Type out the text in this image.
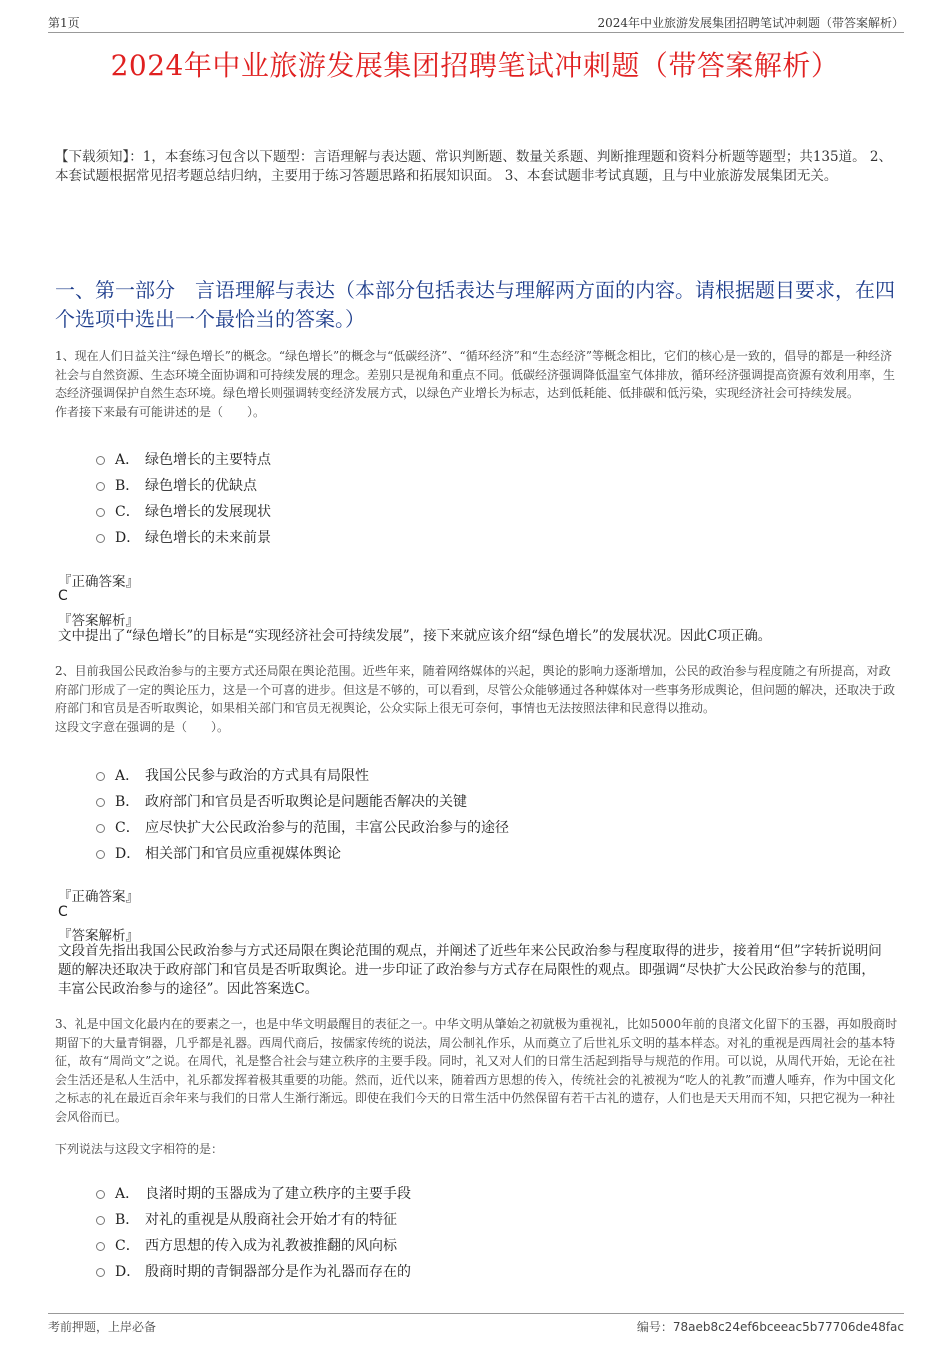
第1页	2024年中业旅游发展集团招聘笔试冲刺题（带答案解析）
2024年中业旅游发展集团招聘笔试冲刺题（带答案解析）
【下载须知】：1，本套练习包含以下题型：言语理解与表达题、常识判断题、数量关系题、判断推理题和资料分析题等题型；共135道。 2、本套试题根据常见招考题总结归纳，主要用于练习答题思路和拓展知识面。 3、本套试题非考试真题，且与中业旅游发展集团无关。
一、第一部分　言语理解与表达（本部分包括表达与理解两方面的内容。请根据题目要求，在四个选项中选出一个最恰当的答案。）

1、现在人们日益关注“绿色增长”的概念。“绿色增长”的概念与“低碳经济”、“循环经济”和“生态经济”等概念相比，它们的核心是一致的，倡导的都是一种经济社会与自然资源、生态环境全面协调和可持续发展的理念。差别只是视角和重点不同。低碳经济强调降低温室气体排放，循环经济强调提高资源有效利用率，生态经济强调保护自然生态环境。绿色增长则强调转变经济发展方式，以绿色产业增长为标志，达到低耗能、低排碳和低污染，实现经济社会可持续发展。

作者接下来最有可能讲述的是（　　）。

A． 绿色增长的主要特点
B． 绿色增长的优缺点
C． 绿色增长的发展现状
D． 绿色增长的未来前景
『正确答案』
C
『答案解析』
文中提出了“绿色增长”的目标是“实现经济社会可持续发展”，接下来就应该介绍“绿色增长”的发展状况。因此C项正确。

2、目前我国公民政治参与的主要方式还局限在舆论范围。近些年来，随着网络媒体的兴起，舆论的影响力逐渐增加，公民的政治参与程度随之有所提高，对政府部门形成了一定的舆论压力，这是一个可喜的进步。但这是不够的，可以看到，尽管公众能够通过各种媒体对一些事务形成舆论，但问题的解决，还取决于政府部门和官员是否听取舆论，如果相关部门和官员无视舆论，公众实际上很无可奈何，事情也无法按照法律和民意得以推动。

这段文字意在强调的是（　　）。

A． 我国公民参与政治的方式具有局限性
B． 政府部门和官员是否听取舆论是问题能否解决的关键
C． 应尽快扩大公民政治参与的范围，丰富公民政治参与的途径
D． 相关部门和官员应重视媒体舆论
『正确答案』
C
『答案解析』
文段首先指出我国公民政治参与方式还局限在舆论范围的观点，并阐述了近些年来公民政治参与程度取得的进步，接着用“但”字转折说明问题的解决还取决于政府部门和官员是否听取舆论。进一步印证了政治参与方式存在局限性的观点。即强调“尽快扩大公民政治参与的范围，丰富公民政治参与的途径”。因此答案选C。

3、礼是中国文化最内在的要素之一，也是中华文明最醒目的表征之一。中华文明从肇始之初就极为重视礼，比如5000年前的良渚文化留下的玉器，再如殷商时期留下的大量青铜器，几乎都是礼器。西周代商后，按儒家传统的说法，周公制礼作乐，从而奠立了后世礼乐文明的基本样态。对礼的重视是西周社会的基本特征，故有“周尚文”之说。在周代，礼是整合社会与建立秩序的主要手段。同时，礼又对人们的日常生活起到指导与规范的作用。可以说，从周代开始，无论在社会生活还是私人生活中，礼乐都发挥着极其重要的功能。然而，近代以来，随着西方思想的传入，传统社会的礼被视为“吃人的礼教”而遭人唾弃，作为中国文化之标志的礼在最近百余年来与我们的日常人生渐行渐远。即使在我们今天的日常生活中仍然保留有若干古礼的遗存，人们也是天天用而不知，只把它视为一种社会风俗而已。

下列说法与这段文字相符的是：

A． 良渚时期的玉器成为了建立秩序的主要手段
B． 对礼的重视是从殷商社会开始才有的特征
C． 西方思想的传入成为礼教被推翻的风向标
D． 殷商时期的青铜器部分是作为礼器而存在的
考前押题，上岸必备	编号：78aeb8c24ef6bceeac5b77706de48fac
